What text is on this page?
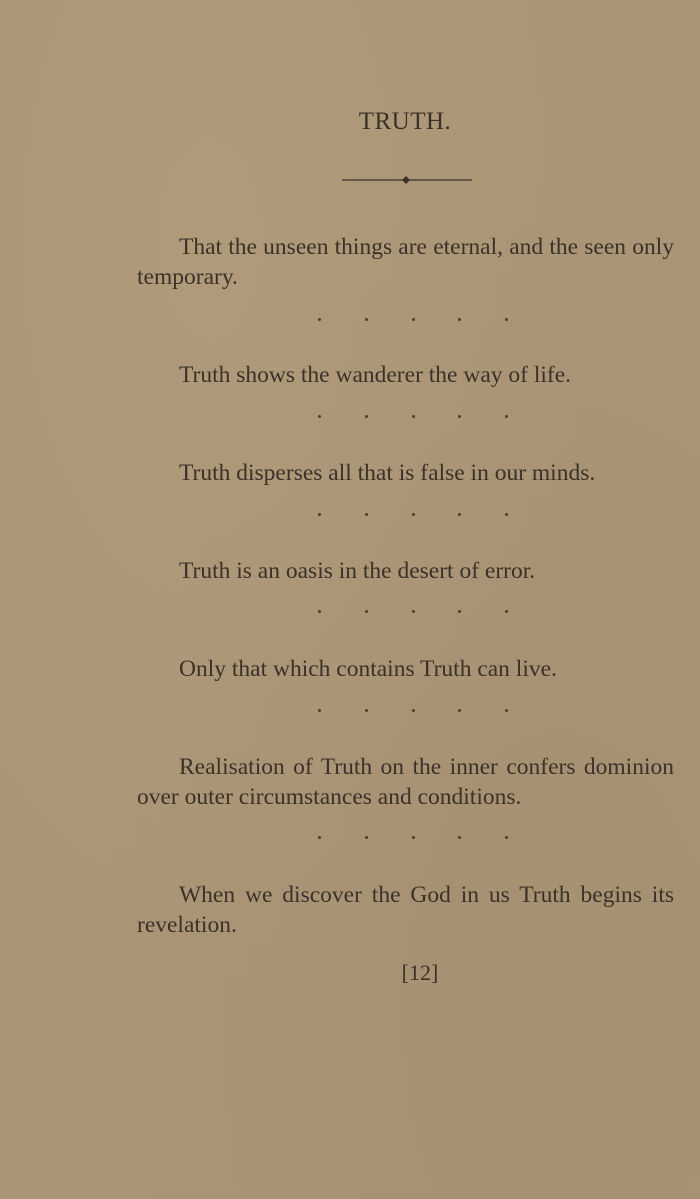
TRUTH.
That the unseen things are eternal, and the seen only temporary.
Truth shows the wanderer the way of life.
Truth disperses all that is false in our minds.
Truth is an oasis in the desert of error.
Only that which contains Truth can live.
Realisation of Truth on the inner confers dominion over outer circumstances and conditions.
When we discover the God in us Truth begins its revelation.
[12]
